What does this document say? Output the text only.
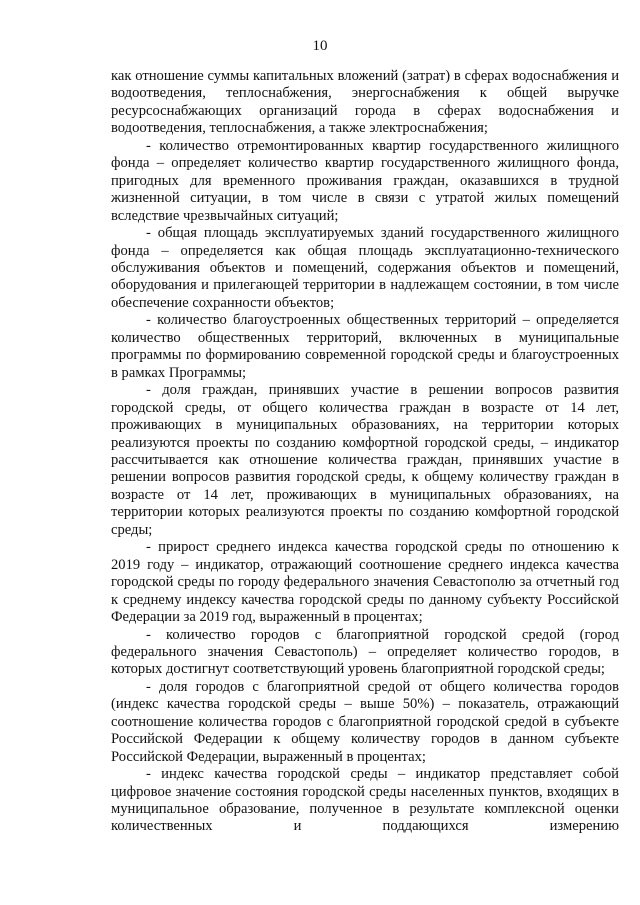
10

как отношение суммы капитальных вложений (затрат) в сферах водоснабжения и водоотведения, теплоснабжения, энергоснабжения к общей выручке ресурсоснабжающих организаций города в сферах водоснабжения и водоотведения, теплоснабжения, а также электроснабжения;

- количество отремонтированных квартир государственного жилищного фонда – определяет количество квартир государственного жилищного фонда, пригодных для временного проживания граждан, оказавшихся в трудной жизненной ситуации, в том числе в связи с утратой жилых помещений вследствие чрезвычайных ситуаций;

- общая площадь эксплуатируемых зданий государственного жилищного фонда – определяется как общая площадь эксплуатационно-технического обслуживания объектов и помещений, содержания объектов и помещений, оборудования и прилегающей территории в надлежащем состоянии, в том числе обеспечение сохранности объектов;

- количество благоустроенных общественных территорий – определяется количество общественных территорий, включенных в муниципальные программы по формированию современной городской среды и благоустроенных в рамках Программы;

- доля граждан, принявших участие в решении вопросов развития городской среды, от общего количества граждан в возрасте от 14 лет, проживающих в муниципальных образованиях, на территории которых реализуются проекты по созданию комфортной городской среды, – индикатор рассчитывается как отношение количества граждан, принявших участие в решении вопросов развития городской среды, к общему количеству граждан в возрасте от 14 лет, проживающих в муниципальных образованиях, на территории которых реализуются проекты по созданию комфортной городской среды;

- прирост среднего индекса качества городской среды по отношению к 2019 году – индикатор, отражающий соотношение среднего индекса качества городской среды по городу федерального значения Севастополю за отчетный год к среднему индексу качества городской среды по данному субъекту Российской Федерации за 2019 год, выраженный в процентах;

- количество городов с благоприятной городской средой (город федерального значения Севастополь) – определяет количество городов, в которых достигнут соответствующий уровень благоприятной городской среды;

- доля городов с благоприятной средой от общего количества городов (индекс качества городской среды – выше 50%) – показатель, отражающий соотношение количества городов с благоприятной городской средой в субъекте Российской Федерации к общему количеству городов в данном субъекте Российской Федерации, выраженный в процентах;

- индекс качества городской среды – индикатор представляет собой цифровое значение состояния городской среды населенных пунктов, входящих в муниципальное образование, полученное в результате комплексной оценки количественных и поддающихся измерению
